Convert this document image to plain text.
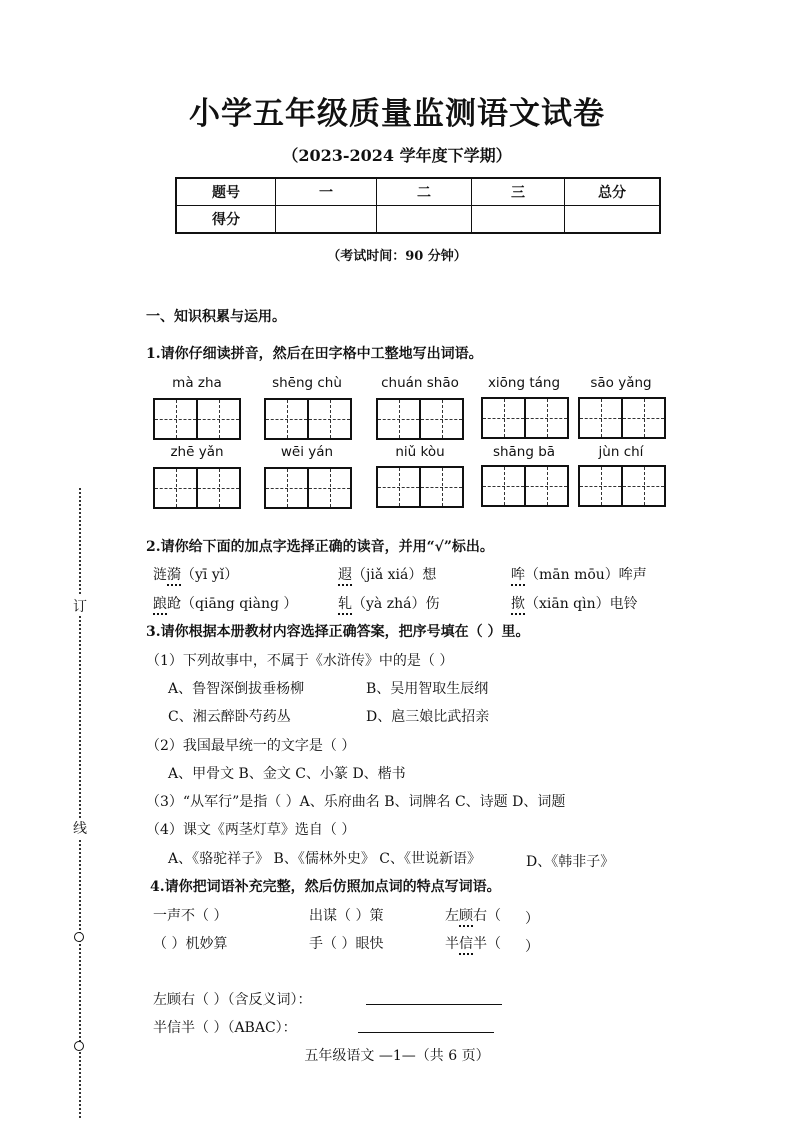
订
线
小学五年级质量监测语文试卷
（2023-2024 学年度下学期）
题号	一	二	三	总分
得分				
（考试时间：90 分钟）
一、知识积累与运用。
1.请你仔细读拼音，然后在田字格中工整地写出词语。
mà zha	shēng chù	chuán shāo	xiōng táng	sāo yǎng
zhē yǎn	wēi yán	niǔ kòu	shāng bā	jùn chí
2.请你给下面的加点字选择正确的读音，并用“√”标出。
涟漪（yī yǐ）	遐（jiǎ xiá）想	哞（mān mōu）哞声
踉跄（qiāng qiàng ）	轧（yà zhá）伤	揿（xiān qìn）电铃
3.请你根据本册教材内容选择正确答案，把序号填在（ ）里。
（1）下列故事中，不属于《水浒传》中的是（ ）
A、鲁智深倒拔垂杨柳	B、吴用智取生辰纲
C、湘云醉卧芍药丛	D、扈三娘比武招亲
（2）我国最早统一的文字是（ ）
A、甲骨文 B、金文 C、小篆 D、楷书
（3）“从军行”是指（ ）A、乐府曲名 B、词牌名 C、诗题 D、词题
（4）课文《两茎灯草》选自（ ）
A、《骆驼祥子》 B、《儒林外史》 C、《世说新语》	D、《韩非子》
4.请你把词语补充完整，然后仿照加点词的特点写词语。
一声不（ ）	出谋（ ）策	左顾右（ ）
（ ）机妙算	手（ ）眼快	半信半（ ）
左顾右（ ）（含反义词）：
半信半（ ）（ABAC）：
五年级语文 —1—（共 6 页）
